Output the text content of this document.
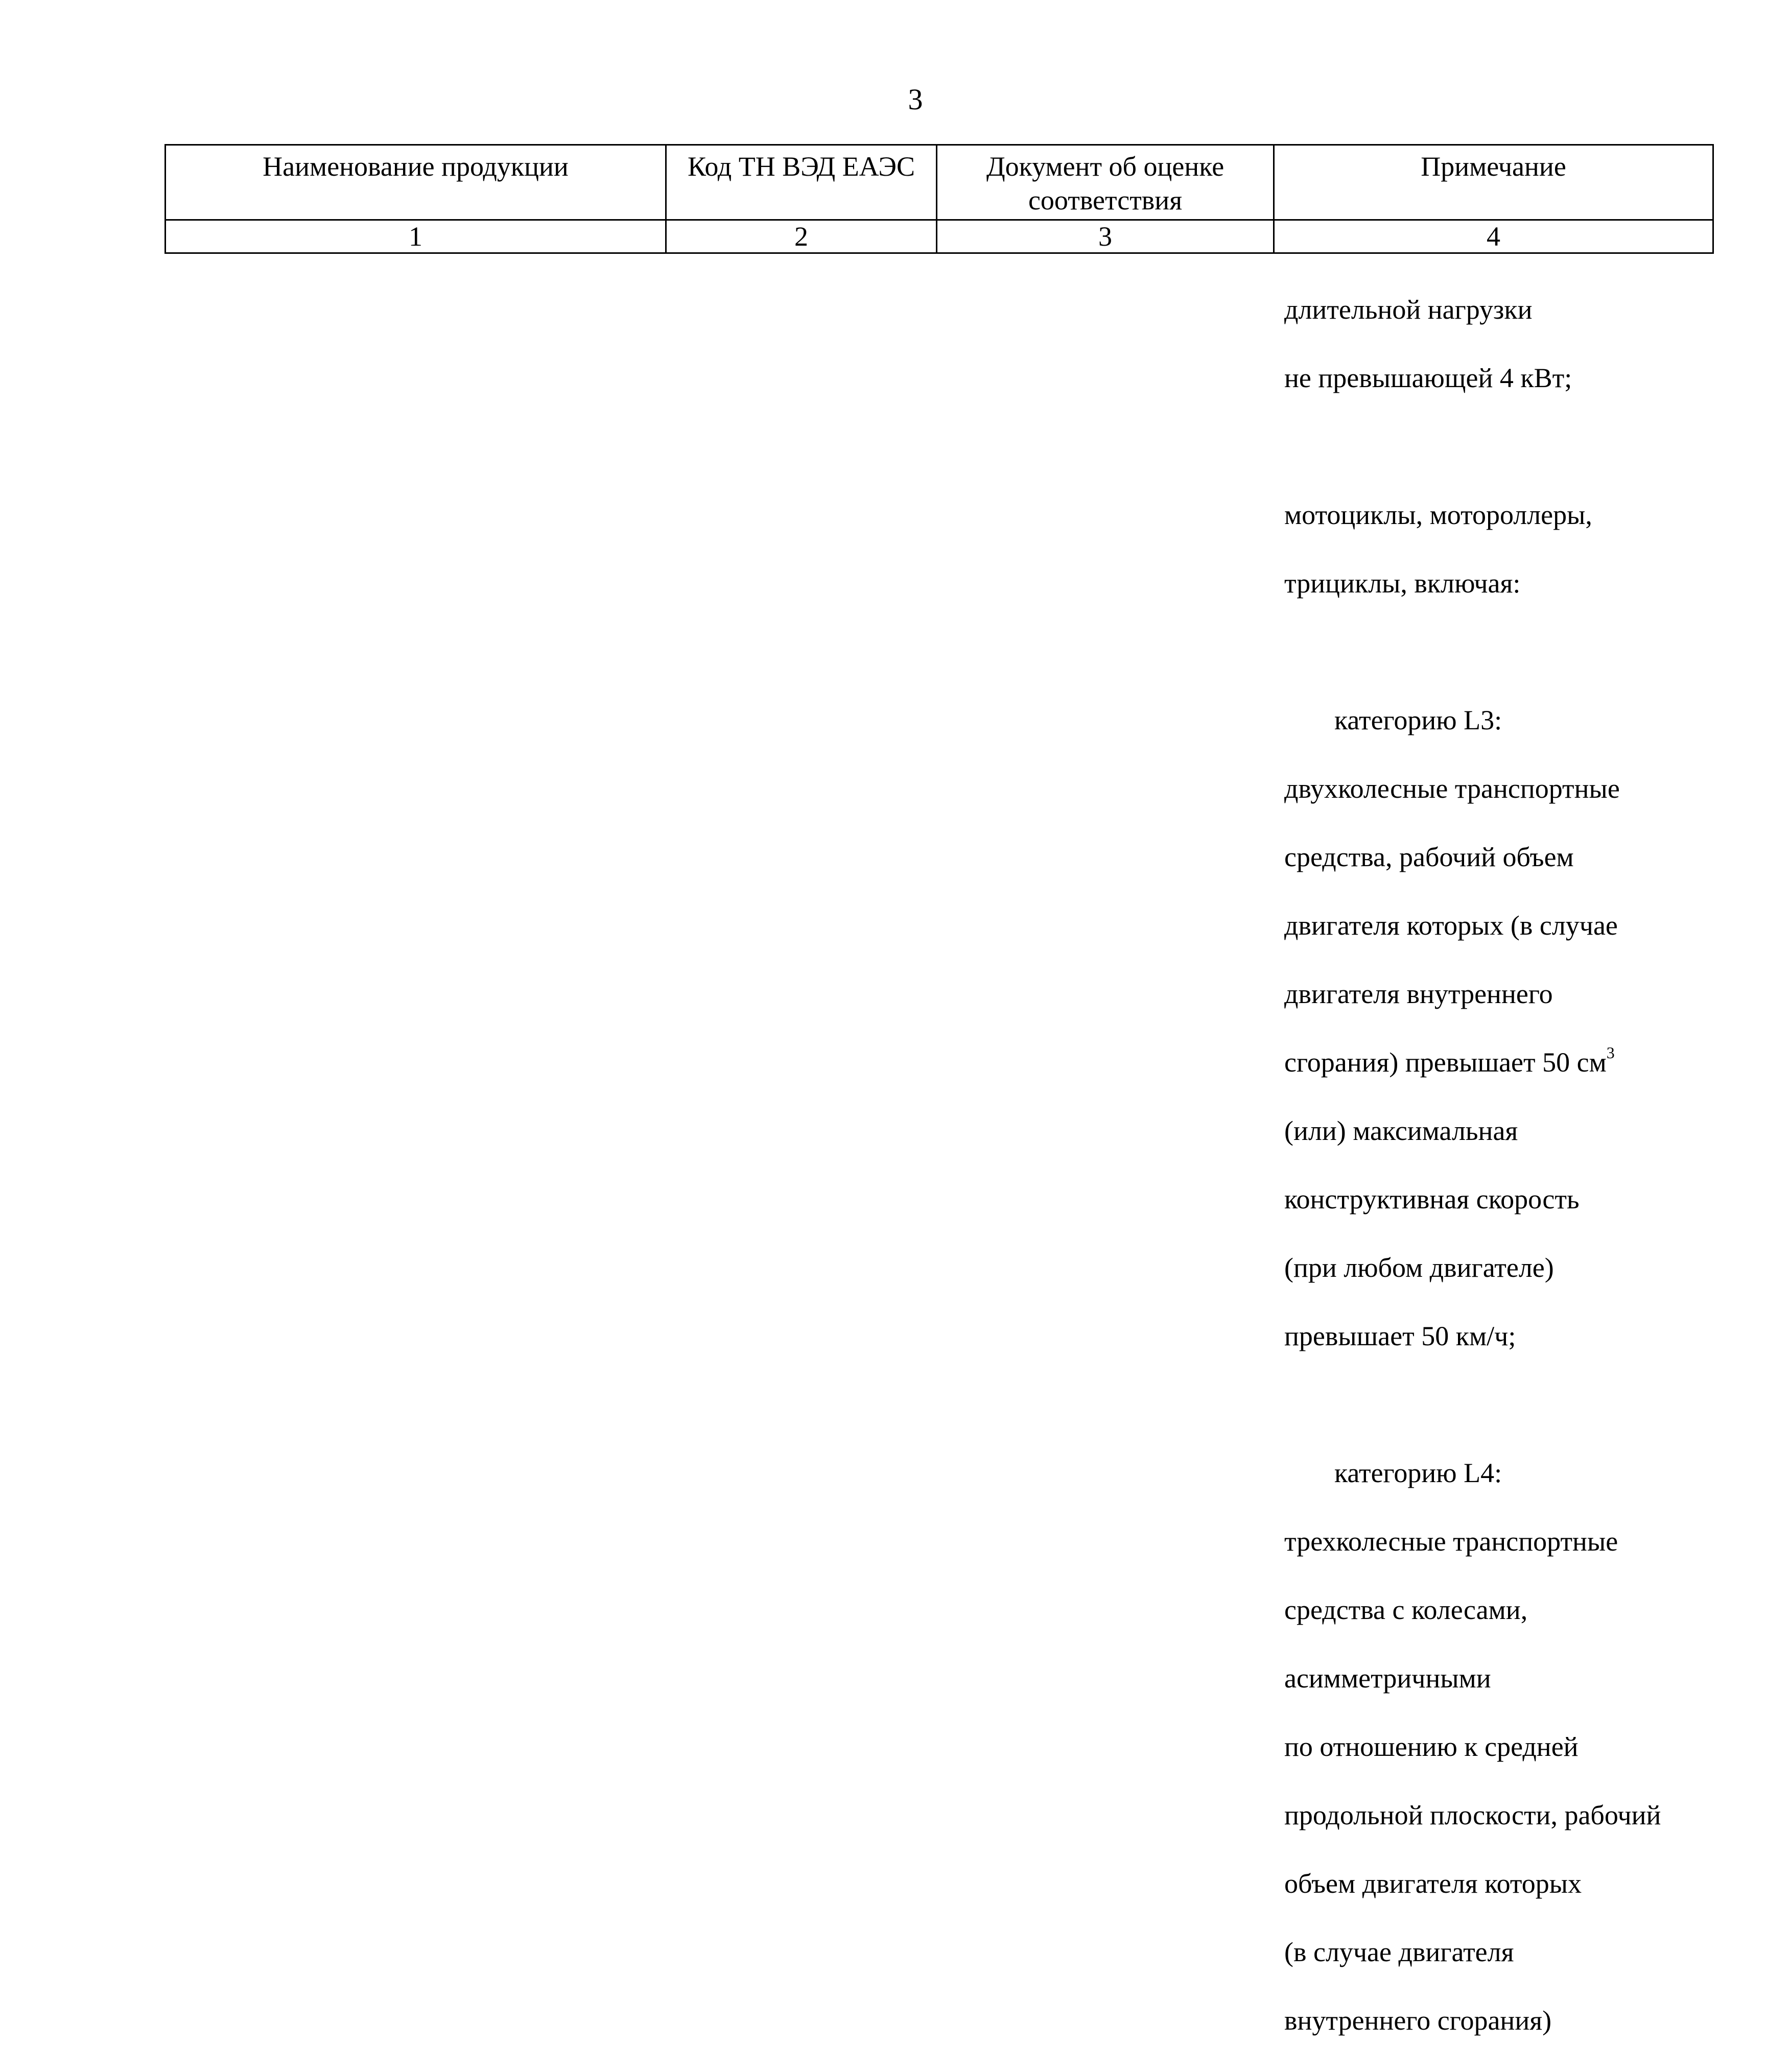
3
Наименование продукции	Код ТН ВЭД ЕАЭС	Документ об оценке соответствия	Примечание
1	2	3	4

длительной нагрузки

не превышающей 4 кВт;

мотоциклы, мотороллеры,

трициклы, включая:

категорию L3:

двухколесные транспортные

средства, рабочий объем

двигателя которых (в случае

двигателя внутреннего

сгорания) превышает 50 $см^3$

(или) максимальная

конструктивная скорость

(при любом двигателе)

превышает 50 км/ч;

категорию L4:

трехколесные транспортные

средства с колесами,

асимметричными

по отношению к средней

продольной плоскости, рабочий

объем двигателя которых

(в случае двигателя

внутреннего сгорания)
